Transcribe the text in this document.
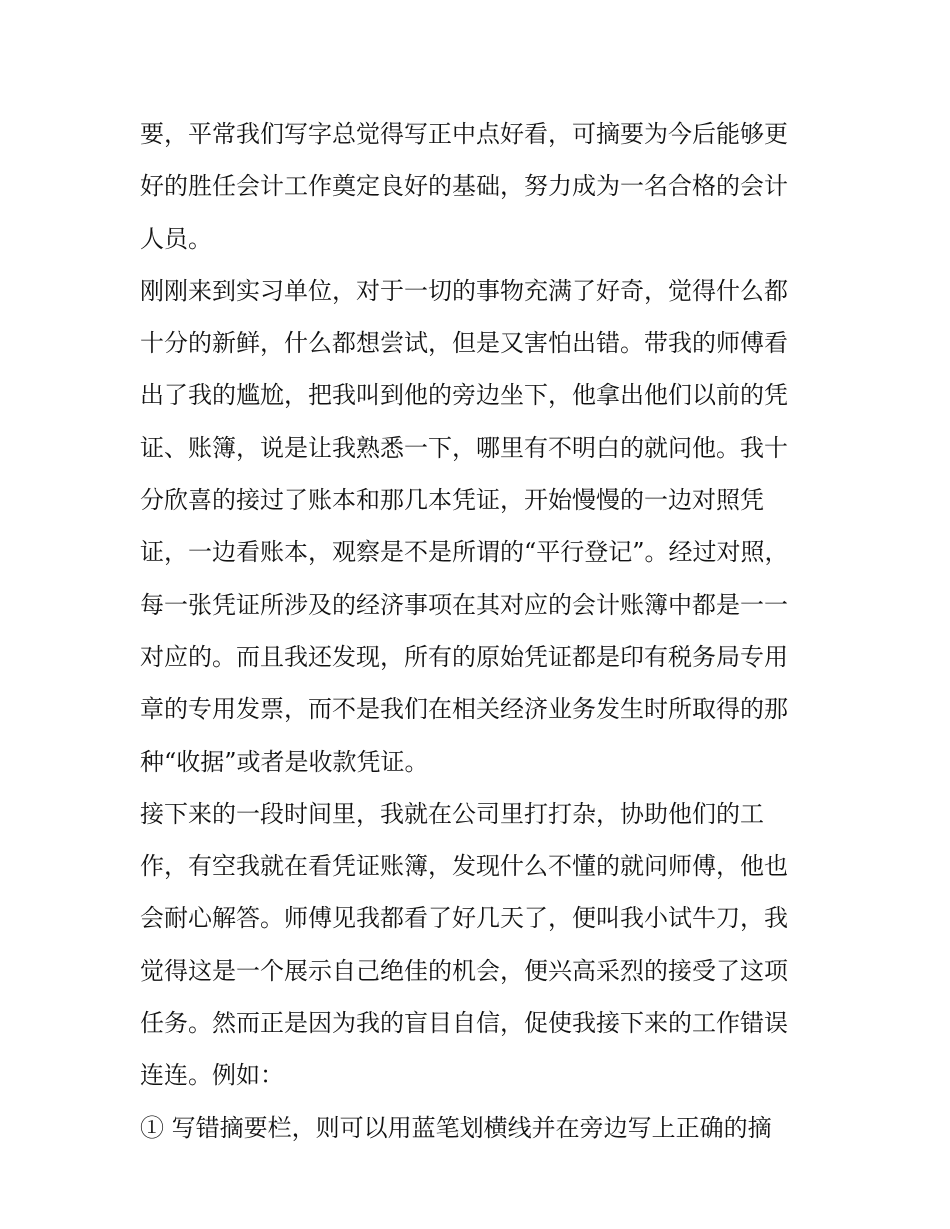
要，平常我们写字总觉得写正中点好看，可摘要为今后能够更
好的胜任会计工作奠定良好的基础，努力成为一名合格的会计
人员。
刚刚来到实习单位，对于一切的事物充满了好奇，觉得什么都
十分的新鲜，什么都想尝试，但是又害怕出错。带我的师傅看
出了我的尴尬，把我叫到他的旁边坐下，他拿出他们以前的凭
证、账簿，说是让我熟悉一下，哪里有不明白的就问他。我十
分欣喜的接过了账本和那几本凭证，开始慢慢的一边对照凭
证，一边看账本，观察是不是所谓的“平行登记”。经过对照，
每一张凭证所涉及的经济事项在其对应的会计账簿中都是一一
对应的。而且我还发现，所有的原始凭证都是印有税务局专用
章的专用发票，而不是我们在相关经济业务发生时所取得的那
种“收据”或者是收款凭证。
接下来的一段时间里，我就在公司里打打杂，协助他们的工
作，有空我就在看凭证账簿，发现什么不懂的就问师傅，他也
会耐心解答。师傅见我都看了好几天了，便叫我小试牛刀，我
觉得这是一个展示自己绝佳的机会，便兴高采烈的接受了这项
任务。然而正是因为我的盲目自信，促使我接下来的工作错误
连连。例如：
① 写错摘要栏，则可以用蓝笔划横线并在旁边写上正确的摘
